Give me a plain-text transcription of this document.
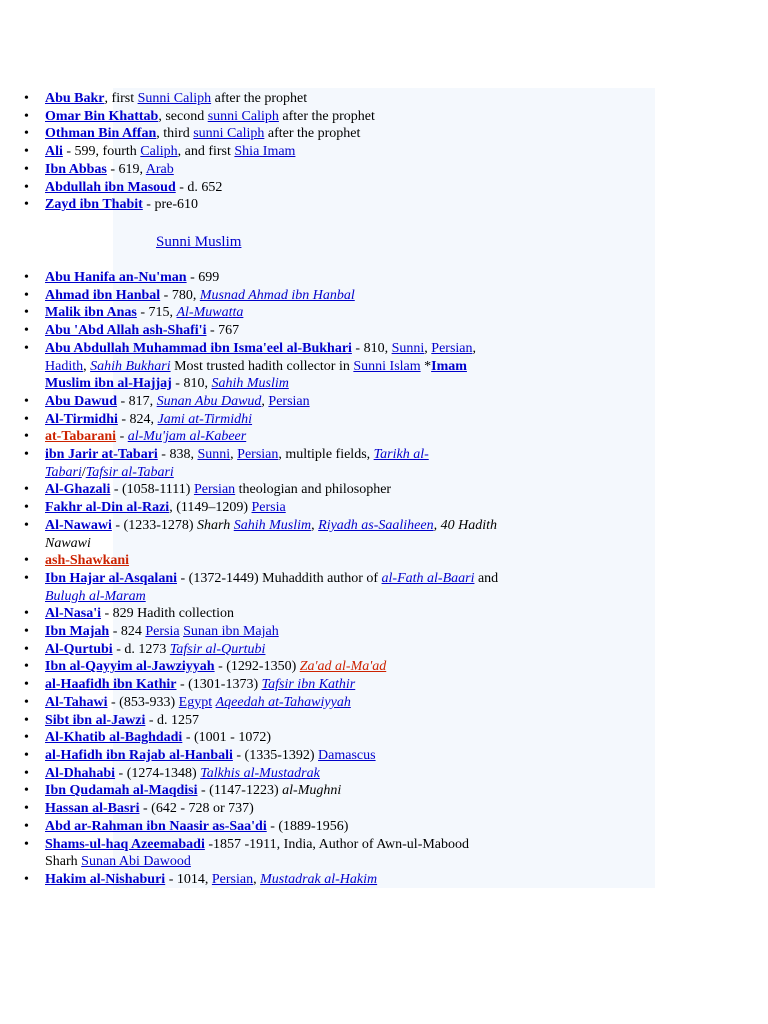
• Abu Bakr, first Sunni Caliph after the prophet
• Omar Bin Khattab, second sunni Caliph after the prophet
• Othman Bin Affan, third sunni Caliph after the prophet
• Ali - 599, fourth Caliph, and first Shia Imam
• Ibn Abbas - 619, Arab
• Abdullah ibn Masoud - d. 652
• Zayd ibn Thabit - pre-610
Sunni Muslim
• Abu Hanifa an-Nu'man - 699
• Ahmad ibn Hanbal - 780, Musnad Ahmad ibn Hanbal
• Malik ibn Anas - 715, Al-Muwatta
• Abu 'Abd Allah ash-Shafi'i - 767
• Abu Abdullah Muhammad ibn Isma'eel al-Bukhari - 810, Sunni, Persian, Hadith, Sahih Bukhari Most trusted hadith collector in Sunni Islam *Imam Muslim ibn al-Hajjaj - 810, Sahih Muslim
• Abu Dawud - 817, Sunan Abu Dawud, Persian
• Al-Tirmidhi - 824, Jami at-Tirmidhi
• at-Tabarani - al-Mu'jam al-Kabeer
• ibn Jarir at-Tabari - 838, Sunni, Persian, multiple fields, Tarikh al-Tabari/Tafsir al-Tabari
• Al-Ghazali - (1058-1111) Persian theologian and philosopher
• Fakhr al-Din al-Razi, (1149–1209) Persia
• Al-Nawawi - (1233-1278) Sharh Sahih Muslim, Riyadh as-Saaliheen, 40 Hadith Nawawi
• ash-Shawkani
• Ibn Hajar al-Asqalani - (1372-1449) Muhaddith author of al-Fath al-Baari and Bulugh al-Maram
• Al-Nasa'i - 829 Hadith collection
• Ibn Majah - 824 Persia Sunan ibn Majah
• Al-Qurtubi - d. 1273 Tafsir al-Qurtubi
• Ibn al-Qayyim al-Jawziyyah - (1292-1350) Za'ad al-Ma'ad
• al-Haafidh ibn Kathir - (1301-1373) Tafsir ibn Kathir
• Al-Tahawi - (853-933) Egypt Aqeedah at-Tahawiyyah
• Sibt ibn al-Jawzi - d. 1257
• Al-Khatib al-Baghdadi - (1001 - 1072)
• al-Hafidh ibn Rajab al-Hanbali - (1335-1392) Damascus
• Al-Dhahabi - (1274-1348) Talkhis al-Mustadrak
• Ibn Qudamah al-Maqdisi - (1147-1223) al-Mughni
• Hassan al-Basri - (642 - 728 or 737)
• Abd ar-Rahman ibn Naasir as-Saa'di - (1889-1956)
• Shams-ul-haq Azeemabadi -1857 -1911, India, Author of Awn-ul-Mabood Sharh Sunan Abi Dawood
• Hakim al-Nishaburi - 1014, Persian, Mustadrak al-Hakim
